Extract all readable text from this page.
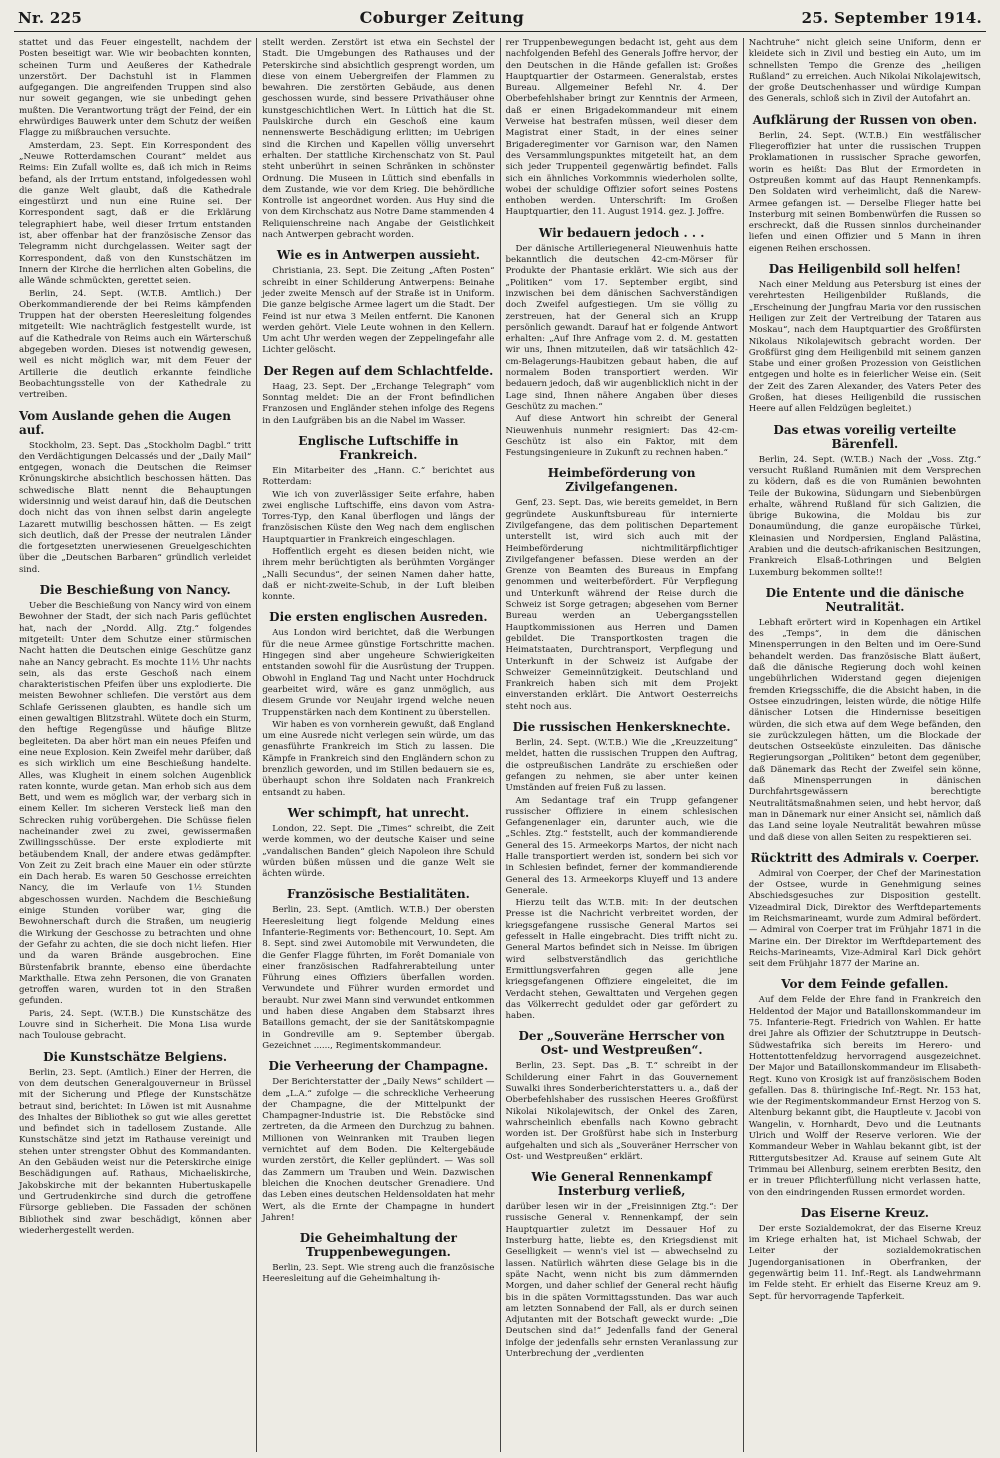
Nr. 225	Coburger Zeitung	25. September 1914.

stattet und das Feuer eingestellt, nachdem der Posten beseitigt war. Wie wir beobachten konnten, scheinen Turm und Aeußeres der Kathedrale unzerstört. Der Dachstuhl ist in Flammen aufgegangen. Die angreifenden Truppen sind also nur soweit gegangen, wie sie unbedingt gehen mußten. Die Verantwortung trägt der Feind, der ein ehrwürdiges Bauwerk unter dem Schutz der weißen Flagge zu mißbrauchen versuchte.

Amsterdam, 23. Sept. Ein Korrespondent des „Neuwe Rotterdamschen Courant“ meldet aus Reims: Ein Zufall wollte es, daß ich mich in Reims befand, als der Irrtum entstand, infolgedessen wohl die ganze Welt glaubt, daß die Kathedrale eingestürzt und nun eine Ruine sei. Der Korrespondent sagt, daß er die Erklärung telegraphiert habe, weil dieser Irrtum entstanden ist, aber offenbar hat der französische Zensor das Telegramm nicht durchgelassen. Weiter sagt der Korrespondent, daß von den Kunstschätzen im Innern der Kirche die herrlichen alten Gobelins, die alle Wände schmückten, gerettet seien.

Berlin, 24. Sept. (W.T.B. Amtlich.) Der Oberkommandierende der bei Reims kämpfenden Truppen hat der obersten Heeresleitung folgendes mitgeteilt: Wie nachträglich festgestellt wurde, ist auf die Kathedrale von Reims auch ein Wärterschuß abgegeben worden. Dieses ist notwendig gewesen, weil es nicht möglich war, mit dem Feuer der Artillerie die deutlich erkannte feindliche Beobachtungsstelle von der Kathedrale zu vertreiben.

Vom Auslande gehen die Augen auf.

Stockholm, 23. Sept. Das „Stockholm Dagbl.“ tritt den Verdächtigungen Delcassés und der „Daily Mail“ entgegen, wonach die Deutschen die Reimser Krönungskirche absichtlich beschossen hätten. Das schwedische Blatt nennt die Behauptungen widersinnig und weist darauf hin, daß die Deutschen doch nicht das von ihnen selbst darin angelegte Lazarett mutwillig beschossen hätten. — Es zeigt sich deutlich, daß der Presse der neutralen Länder die fortgesetzten unerwiesenen Greuelgeschichten über die „Deutschen Barbaren“ gründlich verleidet sind.

Die Beschießung von Nancy.

Ueber die Beschießung von Nancy wird von einem Bewohner der Stadt, der sich nach Paris geflüchtet hat, nach der „Nordd. Allg. Ztg.“ folgendes mitgeteilt: Unter dem Schutze einer stürmischen Nacht hatten die Deutschen einige Geschütze ganz nahe an Nancy gebracht. Es mochte 11½ Uhr nachts sein, als das erste Geschoß nach einem charakteristischen Pfeifen über uns explodierte. Die meisten Bewohner schliefen. Die verstört aus dem Schlafe Gerissenen glaubten, es handle sich um einen gewaltigen Blitzstrahl. Wütete doch ein Sturm, den heftige Regengüsse und häufige Blitze begleiteten. Da aber hört man ein neues Pfeifen und eine neue Explosion. Kein Zweifel mehr darüber, daß es sich wirklich um eine Beschießung handelte. Alles, was Klugheit in einem solchen Augenblick raten konnte, wurde getan. Man erhob sich aus dem Bett, und wem es möglich war, der verbarg sich in einem Keller. Im sicheren Versteck ließ man den Schrecken ruhig vorübergehen. Die Schüsse fielen nacheinander zwei zu zwei, gewissermaßen Zwillingsschüsse. Der erste explodierte mit betäubendem Knall, der andere etwas gedämpfter. Von Zeit zu Zeit brach eine Mauer ein oder stürzte ein Dach herab. Es waren 50 Geschosse erreichten Nancy, die im Verlaufe von 1½ Stunden abgeschossen wurden. Nachdem die Beschießung einige Stunden vorüber war, ging die Bewohnerschaft durch die Straßen, um neugierig die Wirkung der Geschosse zu betrachten und ohne der Gefahr zu achten, die sie doch nicht liefen. Hier und da waren Brände ausgebrochen. Eine Bürstenfabrik brannte, ebenso eine überdachte Markthalle. Etwa zehn Personen, die von Granaten getroffen waren, wurden tot in den Straßen gefunden.

Paris, 24. Sept. (W.T.B.) Die Kunstschätze des Louvre sind in Sicherheit. Die Mona Lisa wurde nach Toulouse gebracht.

Die Kunstschätze Belgiens.

Berlin, 23. Sept. (Amtlich.) Einer der Herren, die von dem deutschen Generalgouverneur in Brüssel mit der Sicherung und Pflege der Kunstschätze betraut sind, berichtet: In Löwen ist mit Ausnahme des Inhaltes der Bibliothek so gut wie alles gerettet und befindet sich in tadellosem Zustande. Alle Kunstschätze sind jetzt im Rathause vereinigt und stehen unter strengster Obhut des Kommandanten. An den Gebäuden weist nur die Peterskirche einige Beschädigungen auf. Rathaus, Michaeliskirche, Jakobskirche mit der bekannten Hubertuskapelle und Gertrudenkirche sind durch die getroffene Fürsorge geblieben. Die Fassaden der schönen Bibliothek sind zwar beschädigt, können aber wiederhergestellt werden.

stellt werden. Zerstört ist etwa ein Sechstel der Stadt. Die Umgebungen des Rathauses und der Peterskirche sind absichtlich gesprengt worden, um diese von einem Uebergreifen der Flammen zu bewahren. Die zerstörten Gebäude, aus denen geschossen wurde, sind bessere Privathäuser ohne kunstgeschichtlichen Wert. In Lüttich hat die St. Paulskirche durch ein Geschoß eine kaum nennenswerte Beschädigung erlitten; im Uebrigen sind die Kirchen und Kapellen völlig unversehrt erhalten. Der stattliche Kirchenschatz von St. Paul steht unberührt in seinen Schränken in schönster Ordnung. Die Museen in Lüttich sind ebenfalls in dem Zustande, wie vor dem Krieg. Die behördliche Kontrolle ist angeordnet worden. Aus Huy sind die von dem Kirchschatz aus Notre Dame stammenden 4 Reliquienschreine nach Angabe der Geistlichkeit nach Antwerpen gebracht worden.

Wie es in Antwerpen aussieht.

Christiania, 23. Sept. Die Zeitung „Aften Posten“ schreibt in einer Schilderung Antwerpens: Beinahe jeder zweite Mensch auf der Straße ist in Uniform. Die ganze belgische Armee lagert um die Stadt. Der Feind ist nur etwa 3 Meilen entfernt. Die Kanonen werden gehört. Viele Leute wohnen in den Kellern. Um acht Uhr werden wegen der Zeppelingefahr alle Lichter gelöscht.

Der Regen auf dem Schlachtfelde.

Haag, 23. Sept. Der „Erchange Telegraph“ vom Sonntag meldet: Die an der Front befindlichen Franzosen und Engländer stehen infolge des Regens in den Laufgräben bis an die Nabel im Wasser.

Englische Luftschiffe in Frankreich.

Ein Mitarbeiter des „Hann. C.“ berichtet aus Rotterdam:

Wie ich von zuverlässiger Seite erfahre, haben zwei englische Luftschiffe, eins davon vom Astra-Torres-Typ, den Kanal überflogen und längs der französischen Küste den Weg nach dem englischen Hauptquartier in Frankreich eingeschlagen.

Hoffentlich ergeht es diesen beiden nicht, wie ihrem mehr berüchtigten als berühmten Vorgänger „Nalli Secundus“, der seinen Namen daher hatte, daß er nicht-zweite-Schub, in der Luft bleiben konnte.

Die ersten englischen Ausreden.

Aus London wird berichtet, daß die Werbungen für die neue Armee günstige Fortschritte machen. Hingegen sind aber ungeheure Schwierigkeiten entstanden sowohl für die Ausrüstung der Truppen. Obwohl in England Tag und Nacht unter Hochdruck gearbeitet wird, wäre es ganz unmöglich, aus diesem Grunde vor Neujahr irgend welche neuen Truppenstärken nach dem Kontinent zu überstellen.

Wir haben es von vornherein gewußt, daß England um eine Ausrede nicht verlegen sein würde, um das genasführte Frankreich im Stich zu lassen. Die Kämpfe in Frankreich sind den Engländern schon zu brenzlich geworden, und im Stillen bedauern sie es, überhaupt schon ihre Soldaten nach Frankreich entsandt zu haben.

Wer schimpft, hat unrecht.

London, 22. Sept. Die „Times“ schreibt, die Zeit werde kommen, wo der deutsche Kaiser und seine „vandalischen Banden“ gleich Napoleon ihre Schuld würden büßen müssen und die ganze Welt sie ächten würde.

Französische Bestialitäten.

Berlin, 23. Sept. (Amtlich. W.T.B.) Der obersten Heeresleitung liegt folgende Meldung eines Infanterie-Regiments vor: Bethencourt, 10. Sept. Am 8. Sept. sind zwei Automobile mit Verwundeten, die die Genfer Flagge führten, im Forêt Domaniale von einer französischen Radfahrerabteilung unter Führung eines Offiziers überfallen worden. Verwundete und Führer wurden ermordet und beraubt. Nur zwei Mann sind verwundet entkommen und haben diese Angaben dem Stabsarzt ihres Bataillons gemacht, der sie der Sanitätskompagnie in Gondreville am 9. September übergab. Gezeichnet ......, Regimentskommandeur.

Die Verheerung der Champagne.

Der Berichterstatter der „Daily News“ schildert — dem „L.A.“ zufolge — die schreckliche Verheerung der Champagne, die der Mittelpunkt der Champagner-Industrie ist. Die Rebstöcke sind zertreten, da die Armeen den Durchzug zu bahnen. Millionen von Weinranken mit Trauben liegen vernichtet auf dem Boden. Die Keltergebäude wurden zerstört, die Keller geplündert. — Was soll das Zammern um Trauben und Wein. Dazwischen bleichen die Knochen deutscher Grenadiere. Und das Leben eines deutschen Heldensoldaten hat mehr Wert, als die Ernte der Champagne in hundert Jahren!

Die Geheimhaltung der Truppenbewegungen.

Berlin, 23. Sept. Wie streng auch die französische Heeresleitung auf die Geheimhaltung ih-

rer Truppenbewegungen bedacht ist, geht aus dem nachfolgenden Befehl des Generals Joffre hervor, der den Deutschen in die Hände gefallen ist: Großes Hauptquartier der Ostarmeen. Generalstab, erstes Bureau. Allgemeiner Befehl Nr. 4. Der Oberbefehlshaber bringt zur Kenntnis der Armeen, daß er einen Brigadekommandeur mit einem Verweise hat bestrafen müssen, weil dieser dem Magistrat einer Stadt, in der eines seiner Brigaderegimenter vor Garnison war, den Namen des Versammlungspunktes mitgeteilt hat, an dem sich jeder Truppenteil gegenwärtig befindet. Falls sich ein ähnliches Vorkommnis wiederholen sollte, wobei der schuldige Offizier sofort seines Postens enthoben werden. Unterschrift: Im Großen Hauptquartier, den 11. August 1914. gez. J. Joffre.

Wir bedauern jedoch . . .

Der dänische Artilleriegeneral Nieuwenhuis hatte bekanntlich die deutschen 42-cm-Mörser für Produkte der Phantasie erklärt. Wie sich aus der „Politiken“ vom 17. September ergibt, sind inzwischen bei dem dänischen Sachverständigen doch Zweifel aufgestiegen. Um sie völlig zu zerstreuen, hat der General sich an Krupp persönlich gewandt. Darauf hat er folgende Antwort erhalten: „Auf Ihre Anfrage vom 2. d. M. gestatten wir uns, Ihnen mitzuteilen, daß wir tatsächlich 42-cm-Belagerungs-Haubitzen gebaut haben, die auf normalem Boden transportiert werden. Wir bedauern jedoch, daß wir augenblicklich nicht in der Lage sind, Ihnen nähere Angaben über dieses Geschütz zu machen.“

Auf diese Antwort hin schreibt der General Nieuwenhuis nunmehr resigniert: Das 42-cm-Geschütz ist also ein Faktor, mit dem Festungsingenieure in Zukunft zu rechnen haben.“

Heimbeförderung von Zivilgefangenen.

Genf, 23. Sept. Das, wie bereits gemeldet, in Bern gegründete Auskunftsbureau für internierte Zivilgefangene, das dem politischen Departement unterstellt ist, wird sich auch mit der Heimbeförderung nichtmilitärpflichtiger Zivilgefangener befassen. Diese werden an der Grenze von Beamten des Bureaus in Empfang genommen und weiterbefördert. Für Verpflegung und Unterkunft während der Reise durch die Schweiz ist Sorge getragen; abgesehen vom Berner Bureau werden an Uebergangsstellen Hauptkommissionen aus Herren und Damen gebildet. Die Transportkosten tragen die Heimatstaaten, Durchtransport, Verpflegung und Unterkunft in der Schweiz ist Aufgabe der Schweizer Gemeinnützigkeit. Deutschland und Frankreich haben sich mit dem Projekt einverstanden erklärt. Die Antwort Oesterreichs steht noch aus.

Die russischen Henkersknechte.

Berlin, 24. Sept. (W.T.B.) Wie die „Kreuzzeitung“ meldet, hatten die russischen Truppen den Auftrag, die ostpreußischen Landräte zu erschießen oder gefangen zu nehmen, sie aber unter keinen Umständen auf freien Fuß zu lassen.

Am Sedantage traf ein Trupp gefangener russischer Offiziere in einem schlesischen Gefangenenlager ein, darunter auch, wie die „Schles. Ztg.“ feststellt, auch der kommandierende General des 15. Armeekorps Martos, der nicht nach Halle transportiert werden ist, sondern bei sich vor in Schlesien befindet, ferner der kommandierende General des 13. Armeekorps Kluyeff und 13 andere Generale.

Hierzu teilt das W.T.B. mit: In der deutschen Presse ist die Nachricht verbreitet worden, der kriegsgefangene russische General Martos sei gefesselt in Halle eingebracht. Dies trifft nicht zu. General Martos befindet sich in Neisse. Im übrigen wird selbstverständlich das gerichtliche Ermittlungsverfahren gegen alle jene kriegsgefangenen Offiziere eingeleitet, die im Verdacht stehen, Gewalttaten und Vergehen gegen das Völkerrecht geduldet oder gar gefördert zu haben.

Der „Souveräne Herrscher von Ost- und Westpreußen“.

Berlin, 23. Sept. Das „B. T.“ schreibt in der Schilderung einer Fahrt in das Gouvernement Suwalki ihres Sonderberichterstatters u. a., daß der Oberbefehlshaber des russischen Heeres Großfürst Nikolai Nikolajewitsch, der Onkel des Zaren, wahrscheinlich ebenfalls nach Kowno gebracht worden ist. Der Großfürst habe sich in Insterburg aufgehalten und sich als „Souveräner Herrscher von Ost- und Westpreußen“ erklärt.

Wie General Rennenkampf Insterburg verließ,

darüber lesen wir in der „Freisinnigen Ztg.“: Der russische General v. Rennenkampf, der sein Hauptquartier zuletzt im Dessauer Hof zu Insterburg hatte, liebte es, den Kriegsdienst mit Geselligkeit — wenn's viel ist — abwechselnd zu lassen. Natürlich währten diese Gelage bis in die späte Nacht, wenn nicht bis zum dämmernden Morgen, und daher schlief der General recht häufig bis in die späten Vormittagsstunden. Das war auch am letzten Sonnabend der Fall, als er durch seinen Adjutanten mit der Botschaft geweckt wurde: „Die Deutschen sind da!“ Jedenfalls fand der General infolge der jedenfalls sehr ernsten Veranlassung zur Unterbrechung der „verdienten

Nachtruhe“ nicht gleich seine Uniform, denn er kleidete sich in Zivil und bestieg ein Auto, um im schnellsten Tempo die Grenze des „heiligen Rußland“ zu erreichen. Auch Nikolai Nikolajewitsch, der große Deutschenhasser und würdige Kumpan des Generals, schloß sich in Zivil der Autofahrt an.

Aufklärung der Russen von oben.

Berlin, 24. Sept. (W.T.B.) Ein westfälischer Fliegeroffizier hat unter die russischen Truppen Proklamationen in russischer Sprache geworfen, worin es heißt: Das Blut der Ermordeten in Ostpreußen kommt auf das Haupt Rennenkampfs. Den Soldaten wird verheimlicht, daß die Narew-Armee gefangen ist. — Derselbe Flieger hatte bei Insterburg mit seinen Bombenwürfen die Russen so erschreckt, daß die Russen sinnlos durcheinander liefen und einen Offizier und 5 Mann in ihren eigenen Reihen erschossen.

Das Heiligenbild soll helfen!

Nach einer Meldung aus Petersburg ist eines der verehrtesten Heiligenbilder Rußlands, die „Erscheinung der Jungfrau Maria vor den russischen Heiligen zur Zeit der Vertreibung der Tataren aus Moskau“, nach dem Hauptquartier des Großfürsten Nikolaus Nikolajewitsch gebracht worden. Der Großfürst ging dem Heiligenbild mit seinem ganzen Stabe und einer großen Prozession von Geistlichen entgegen und holte es in feierlicher Weise ein. (Seit der Zeit des Zaren Alexander, des Vaters Peter des Großen, hat dieses Heiligenbild die russischen Heere auf allen Feldzügen begleitet.)

Das etwas voreilig verteilte Bärenfell.

Berlin, 24. Sept. (W.T.B.) Nach der „Voss. Ztg.“ versucht Rußland Rumänien mit dem Versprechen zu ködern, daß es die von Rumänien bewohnten Teile der Bukowina, Südungarn und Siebenbürgen erhalte, während Rußland für sich Galizien, die übrige Bukowina, die Moldau bis zur Donaumündung, die ganze europäische Türkei, Kleinasien und Nordpersien, England Palästina, Arabien und die deutsch-afrikanischen Besitzungen, Frankreich Elsaß-Lothringen und Belgien Luxemburg bekommen sollte!!

Die Entente und die dänische Neutralität.

Lebhaft erörtert wird in Kopenhagen ein Artikel des „Temps“, in dem die dänischen Minensperrungen in den Belten und im Oere-Sund behandelt werden. Das französische Blatt äußert, daß die dänische Regierung doch wohl keinen ungebührlichen Widerstand gegen diejenigen fremden Kriegsschiffe, die die Absicht haben, in die Ostsee einzudringen, leisten würde, die nötige Hilfe dänischer Lotsen die Hindernisse beseitigen würden, die sich etwa auf dem Wege befänden, den sie zurückzulegen hätten, um die Blockade der deutschen Ostseeküste einzuleiten. Das dänische Regierungsorgan „Politiken“ betont dem gegenüber, daß Dänemark das Recht der Zweifel sein könne, daß Minensperrungen in dänischen Durchfahrtsgewässern berechtigte Neutralitätsmaßnahmen seien, und hebt hervor, daß man in Dänemark nur einer Ansicht sei, nämlich daß das Land seine loyale Neutralität bewahren müsse und daß diese von allen Seiten zu respektieren sei.

Rücktritt des Admirals v. Coerper.

Admiral von Coerper, der Chef der Marinestation der Ostsee, wurde in Genehmigung seines Abschiedsgesuches zur Disposition gestellt. Vizeadmiral Dick, Direktor des Werftdepartements im Reichsmarineamt, wurde zum Admiral befördert. — Admiral von Coerper trat im Frühjahr 1871 in die Marine ein. Der Direktor im Werftdepartement des Reichs-Marineamts, Vize-Admiral Karl Dick gehört seit dem Frühjahr 1877 der Marine an.

Vor dem Feinde gefallen.

Auf dem Felde der Ehre fand in Frankreich den Heldentod der Major und Bataillonskommandeur im 75. Infanterie-Regt. Friedrich von Wahlen. Er hatte drei Jahre als Offizier der Schutztruppe in Deutsch-Südwestafrika sich bereits im Herero- und Hottentottenfeldzug hervorragend ausgezeichnet. Der Major und Bataillonskommandeur im Elisabeth-Regt. Kuno von Krosigk ist auf französischem Boden gefallen. Das 8. thüringische Inf.-Regt. Nr. 153 hat, wie der Regimentskommandeur Ernst Herzog von S. Altenburg bekannt gibt, die Hauptleute v. Jacobi von Wangelin, v. Hornhardt, Devo und die Leutnants Ulrich und Wolff der Reserve verloren. Wie der Kommandeur Weber in Wahlau bekannt gibt, ist der Rittergutsbesitzer Ad. Krause auf seinem Gute Alt Trimmau bei Allenburg, seinem ererbten Besitz, den er in treuer Pflichterfüllung nicht verlassen hatte, von den eindringenden Russen ermordet worden.

Das Eiserne Kreuz.

Der erste Sozialdemokrat, der das Eiserne Kreuz im Kriege erhalten hat, ist Michael Schwab, der Leiter der sozialdemokratischen Jugendorganisationen in Oberfranken, der gegenwärtig beim 11. Inf.-Regt. als Landwehrmann im Felde steht. Er erhielt das Eiserne Kreuz am 9. Sept. für hervorragende Tapferkeit.
